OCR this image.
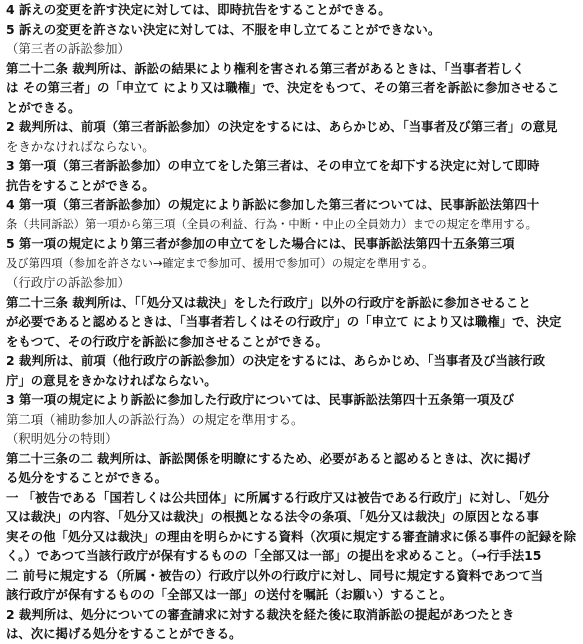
4 訴えの変更を許す決定に対しては、即時抗告をすることができる。
5 訴えの変更を許さない決定に対しては、不服を申し立てることができない。
（第三者の訴訟参加）
第二十二条 裁判所は、訴訟の結果により権利を害される第三者があるときは、「当事者若しく
は その第三者」の「申立て により又は職権」で、決定をもつて、その第三者を訴訟に参加させるこ
とができる。
2 裁判所は、前項（第三者訴訟参加）の決定をするには、あらかじめ、「当事者及び第三者」の意見
をきかなければならない。
3 第一項（第三者訴訟参加）の申立てをした第三者は、その申立てを却下する決定に対して即時
抗告をすることができる。
4 第一項（第三者訴訟参加）の規定により訴訟に参加した第三者については、民事訴訟法第四十
条（共同訴訟）第一項から第三項（全員の利益、行為・中断・中止の全員効力）までの規定を準用する。
5 第一項の規定により第三者が参加の申立てをした場合には、民事訴訟法第四十五条第三項
及び第四項（参加を許さない→確定まで参加可、援用で参加可）の規定を準用する。
（行政庁の訴訟参加）
第二十三条 裁判所は、「「処分又は裁決」をした行政庁」以外の行政庁を訴訟に参加させること
が必要であると認めるときは、「当事者若しくはその行政庁」の「申立て により又は職権」で、決定
をもつて、その行政庁を訴訟に参加させることができる。
2 裁判所は、前項（他行政庁の訴訟参加）の決定をするには、あらかじめ、「当事者及び当該行政
庁」の意見をきかなければならない。
3 第一項の規定により訴訟に参加した行政庁については、民事訴訟法第四十五条第一項及び
第二項（補助参加人の訴訟行為）の規定を準用する。
（釈明処分の特則）
第二十三条の二 裁判所は、訴訟関係を明瞭にするため、必要があると認めるときは、次に掲げ
る処分をすることができる。
一 「被告である「国若しくは公共団体」に所属する行政庁又は被告である行政庁」に対し、「処分
又は裁決」の内容、「処分又は裁決」の根拠となる法令の条項、「処分又は裁決」の原因となる事
実その他「処分又は裁決」の理由を明らかにする資料（次項に規定する審査請求に係る事件の記録を除
く。）であつて当該行政庁が保有するものの「全部又は一部」の提出を求めること。（→行手法15
二 前号に規定する（所属・被告の）行政庁以外の行政庁に対し、同号に規定する資料であつて当
該行政庁が保有するものの「全部又は一部」の送付を嘱託（お願い）すること。
2 裁判所は、処分についての審査請求に対する裁決を経た後に取消訴訟の提起があつたとき
は、次に掲げる処分をすることができる。
